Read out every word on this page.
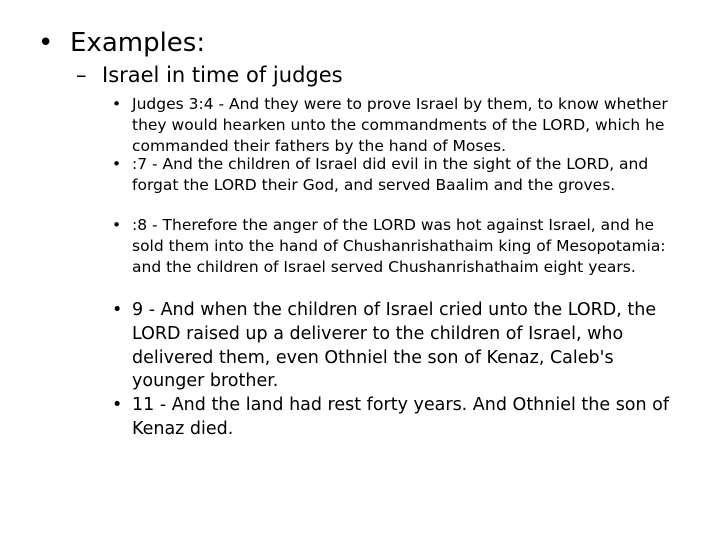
• Examples:
– Israel in time of judges
• Judges 3:4 - And they were to prove Israel by them, to know whether they would hearken unto the commandments of the LORD, which he commanded their fathers by the hand of Moses.
• :7 - And the children of Israel did evil in the sight of the LORD, and forgat the LORD their God, and served Baalim and the groves.
• :8 - Therefore the anger of the LORD was hot against Israel, and he sold them into the hand of Chushanrishathaim king of Mesopotamia: and the children of Israel served Chushanrishathaim eight years.
• 9 - And when the children of Israel cried unto the LORD, the LORD raised up a deliverer to the children of Israel, who delivered them, even Othniel the son of Kenaz, Caleb's younger brother.
• 11 - And the land had rest forty years. And Othniel the son of Kenaz died.
